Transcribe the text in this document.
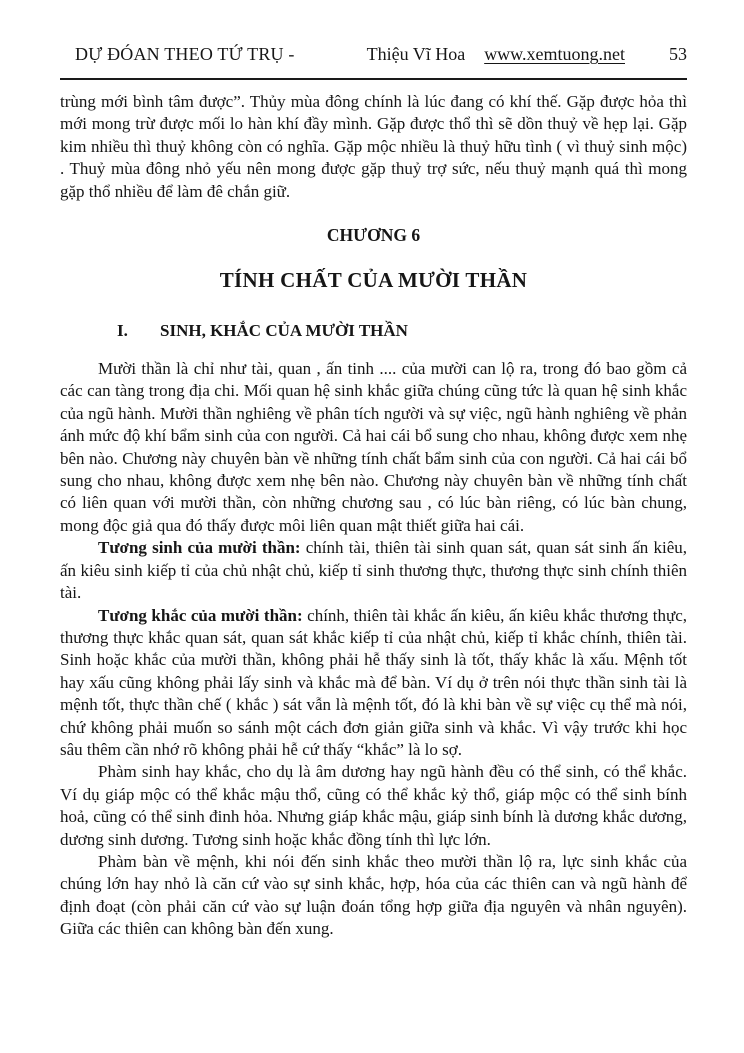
DỰ ĐÓAN THEO TỨ TRỤ -	Thiệu Vĩ Hoa www.xemtuong.net 53

trùng mới bình tâm được”. Thủy mùa đông chính là lúc đang có khí thế. Gặp được hỏa thì mới mong trừ được mối lo hàn khí đầy mình. Gặp được thổ thì sẽ dồn thuỷ về hẹp lại. Gặp kim nhiều thì thuỷ không còn có nghĩa. Gặp mộc nhiều là thuỷ hữu tình ( vì thuỷ sinh mộc) . Thuỷ mùa đông nhỏ yếu nên mong được gặp thuỷ trợ sức, nếu thuỷ mạnh quá thì mong gặp thổ nhiều để làm đê chắn giữ.

CHƯƠNG 6
TÍNH CHẤT CỦA MƯỜI THẦN
I.	SINH, KHẮC CỦA MƯỜI THẦN

Mười thần là chỉ như tài, quan , ấn tinh .... của mười can lộ ra, trong đó bao gồm cả các can tàng trong địa chi. Mối quan hệ sinh khắc giữa chúng cũng tức là quan hệ sinh khắc của ngũ hành. Mười thần nghiêng về phân tích người và sự việc, ngũ hành nghiêng về phản ánh mức độ khí bẩm sinh của con người. Cả hai cái bổ sung cho nhau, không được xem nhẹ bên nào. Chương này chuyên bàn về những tính chất bẩm sinh của con người. Cả hai cái bổ sung cho nhau, không được xem nhẹ bên nào. Chương này chuyên bàn về những tính chất có liên quan với mười thần, còn những chương sau , có lúc bàn riêng, có lúc bàn chung, mong độc giả qua đó thấy được môi liên quan mật thiết giữa hai cái.

Tương sinh của mười thần: chính tài, thiên tài sinh quan sát, quan sát sinh ấn kiêu, ấn kiêu sinh kiếp tỉ của chủ nhật chủ, kiếp tỉ sinh thương thực, thương thực sinh chính thiên tài.

Tương khắc của mười thần: chính, thiên tài khắc ấn kiêu, ấn kiêu khắc thương thực, thương thực khắc quan sát, quan sát khắc kiếp tỉ của nhật chủ, kiếp tỉ khắc chính, thiên tài. Sinh hoặc khắc của mười thần, không phải hễ thấy sinh là tốt, thấy khắc là xấu. Mệnh tốt hay xấu cũng không phải lấy sinh và khắc mà để bàn. Ví dụ ở trên nói thực thần sinh tài là mệnh tốt, thực thần chế ( khắc ) sát vẫn là mệnh tốt, đó là khi bàn về sự việc cụ thể mà nói, chứ không phải muốn so sánh một cách đơn giản giữa sinh và khắc. Vì vậy trước khi học sâu thêm cần nhớ rõ không phải hễ cứ thấy “khắc” là lo sợ.

Phàm sinh hay khắc, cho dụ là âm dương hay ngũ hành đều có thể sinh, có thể khắc. Ví dụ giáp mộc có thể khắc mậu thổ, cũng có thể khắc kỷ thổ, giáp mộc có thể sinh bính hoả, cũng có thể sinh đinh hỏa. Nhưng giáp khắc mậu, giáp sinh bính là dương khắc dương, dương sinh dương. Tương sinh hoặc khắc đồng tính thì lực lớn.

Phàm bàn về mệnh, khi nói đến sinh khắc theo mười thần lộ ra, lực sinh khắc của chúng lớn hay nhỏ là căn cứ vào sự sinh khắc, hợp, hóa của các thiên can và ngũ hành để định đoạt (còn phải căn cứ vào sự luận đoán tổng hợp giữa địa nguyên và nhân nguyên). Giữa các thiên can không bàn đến xung.
